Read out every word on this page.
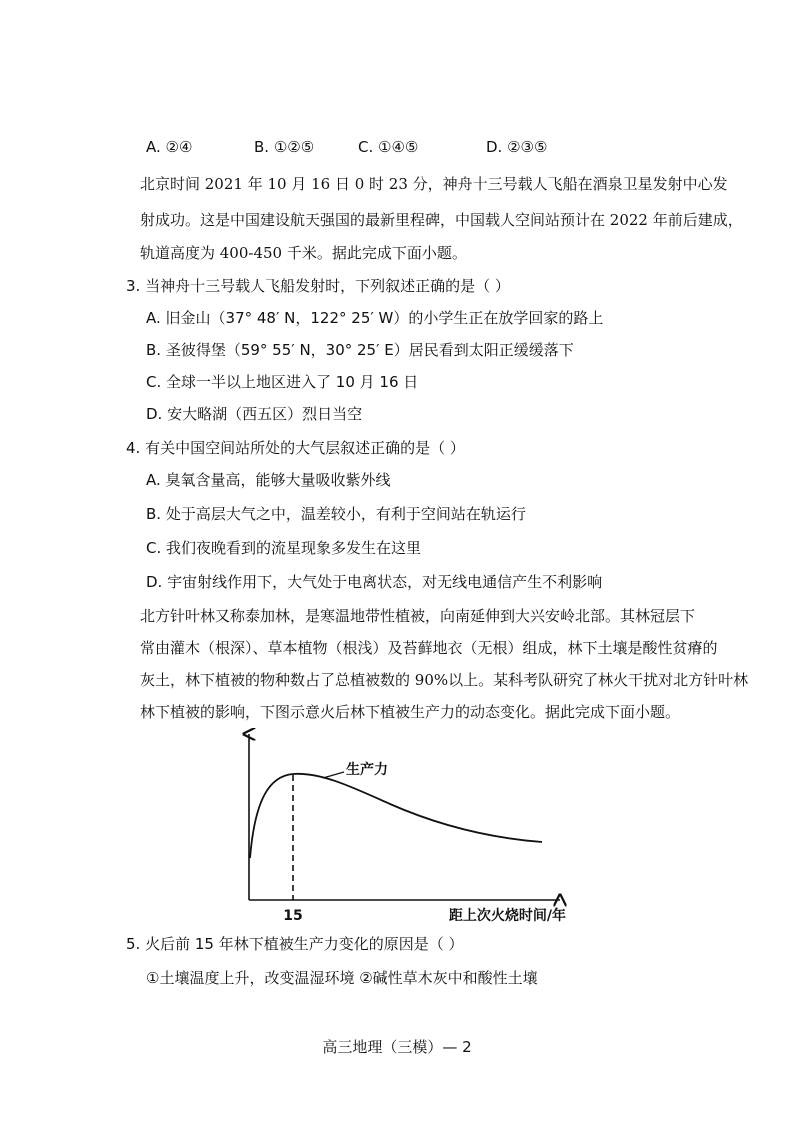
A. ②④	B. ①②⑤	C. ①④⑤	D. ②③⑤
北京时间 2021 年 10 月 16 日 0 时 23 分，神舟十三号载人飞船在酒泉卫星发射中心发
射成功。这是中国建设航天强国的最新里程碑，中国载人空间站预计在 2022 年前后建成，
轨道高度为 400-450 千米。据此完成下面小题。
3. 当神舟十三号载人飞船发射时，下列叙述正确的是（ ）
A. 旧金山（37° 48′ N，122° 25′ W）的小学生正在放学回家的路上
B. 圣彼得堡（59° 55′ N，30° 25′ E）居民看到太阳正缓缓落下
C. 全球一半以上地区进入了 10 月 16 日
D. 安大略湖（西五区）烈日当空
4. 有关中国空间站所处的大气层叙述正确的是（ ）
A. 臭氧含量高，能够大量吸收紫外线
B. 处于高层大气之中，温差较小，有利于空间站在轨运行
C. 我们夜晚看到的流星现象多发生在这里
D. 宇宙射线作用下，大气处于电离状态，对无线电通信产生不利影响
北方针叶林又称泰加林，是寒温地带性植被，向南延伸到大兴安岭北部。其林冠层下
常由灌木（根深）、草本植物（根浅）及苔藓地衣（无根）组成，林下土壤是酸性贫瘠的
灰土，林下植被的物种数占了总植被数的 90%以上。某科考队研究了林火干扰对北方针叶林
林下植被的影响，下图示意火后林下植被生产力的动态变化。据此完成下面小题。
生产力
15	距上次火烧时间/年
5. 火后前 15 年林下植被生产力变化的原因是（ ）
①土壤温度上升，改变温湿环境 ②碱性草木灰中和酸性土壤
高三地理（三模）— 2
